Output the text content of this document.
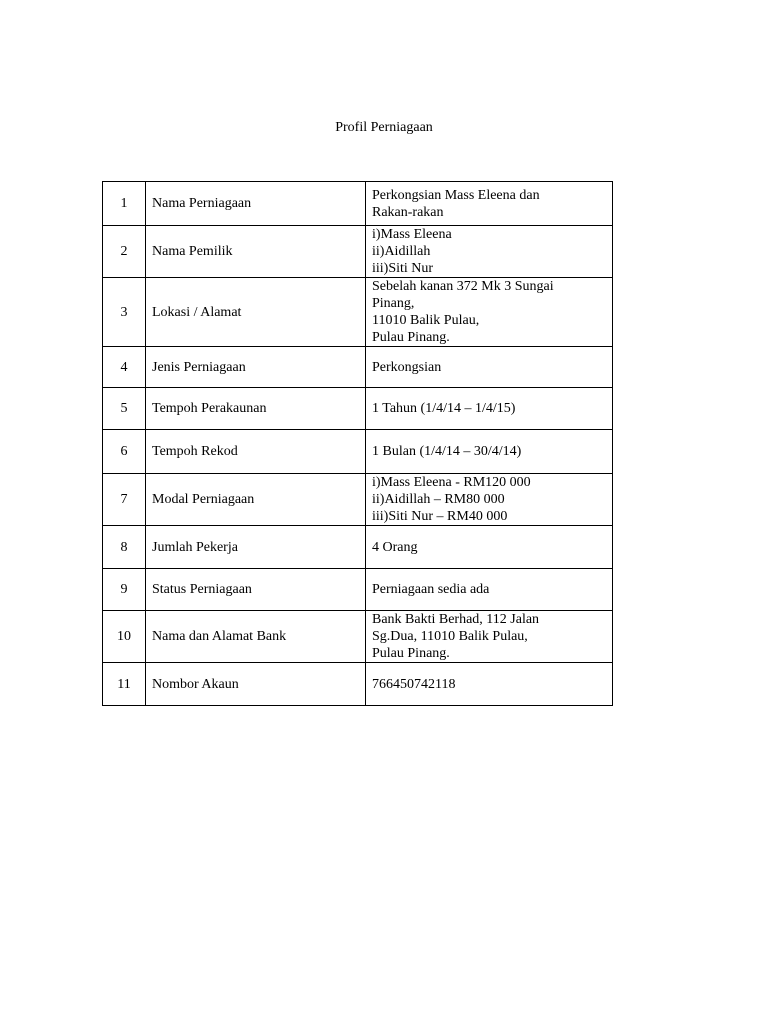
Profil Perniagaan
1	Nama Perniagaan	Perkongsian Mass Eleena dan
Rakan-rakan

2	Nama Pemilik	i)Mass Eleena
ii)Aidillah
iii)Siti Nur

3	Lokasi / Alamat	Sebelah kanan 372 Mk 3 Sungai
Pinang,
11010 Balik Pulau,
Pulau Pinang.

4	Jenis Perniagaan	Perkongsian

5	Tempoh Perakaunan	1 Tahun (1/4/14 – 1/4/15)

6	Tempoh Rekod	1 Bulan (1/4/14 – 30/4/14)

7	Modal Perniagaan	i)Mass Eleena - RM120 000
ii)Aidillah – RM80 000
iii)Siti Nur – RM40 000

8	Jumlah Pekerja	4 Orang

9	Status Perniagaan	Perniagaan sedia ada

10	Nama dan Alamat Bank	Bank Bakti Berhad, 112 Jalan
Sg.Dua, 11010 Balik Pulau,
Pulau Pinang.

11	Nombor Akaun	766450742118
